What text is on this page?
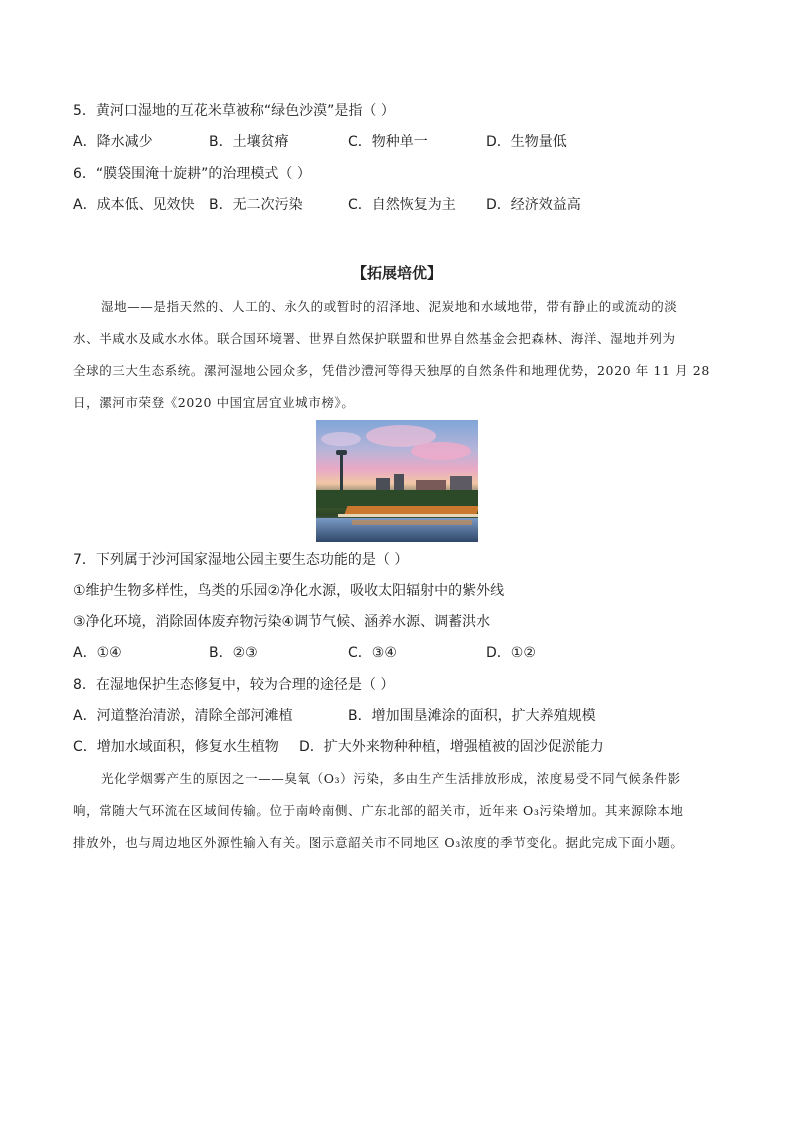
5．黄河口湿地的互花米草被称“绿色沙漠”是指（ ）
A．降水减少	B．土壤贫瘠	C．物种单一	D．生物量低
6．“膜袋围淹十旋耕”的治理模式（ ）
A．成本低、见效快 B．无二次污染	C．自然恢复为主 D．经济效益高
【拓展培优】
湿地——是指天然的、人工的、永久的或暂时的沼泽地、泥炭地和水域地带，带有静止的或流动的淡
水、半咸水及咸水水体。联合国环境署、世界自然保护联盟和世界自然基金会把森林、海洋、湿地并列为
全球的三大生态系统。漯河湿地公园众多，凭借沙澧河等得天独厚的自然条件和地理优势，2020 年 11 月 28
日，漯河市荣登《2020 中国宜居宜业城市榜》。
7．下列属于沙河国家湿地公园主要生态功能的是（ ）
①维护生物多样性，鸟类的乐园②净化水源，吸收太阳辐射中的紫外线
③净化环境，消除固体废弃物污染④调节气候、涵养水源、调蓄洪水
A．①④	B．②③	C．③④	D．①②
8．在湿地保护生态修复中，较为合理的途径是（ ）
A．河道整治清淤，清除全部河滩植	B．增加围垦滩涂的面积，扩大养殖规模
C．增加水域面积，修复水生植物 D．扩大外来物种种植，增强植被的固沙促淤能力
光化学烟雾产生的原因之一——臭氧（O₃）污染，多由生产生活排放形成，浓度易受不同气候条件影
响，常随大气环流在区域间传输。位于南岭南侧、广东北部的韶关市，近年来 O₃污染增加。其来源除本地
排放外，也与周边地区外源性输入有关。图示意韶关市不同地区 O₃浓度的季节变化。据此完成下面小题。
